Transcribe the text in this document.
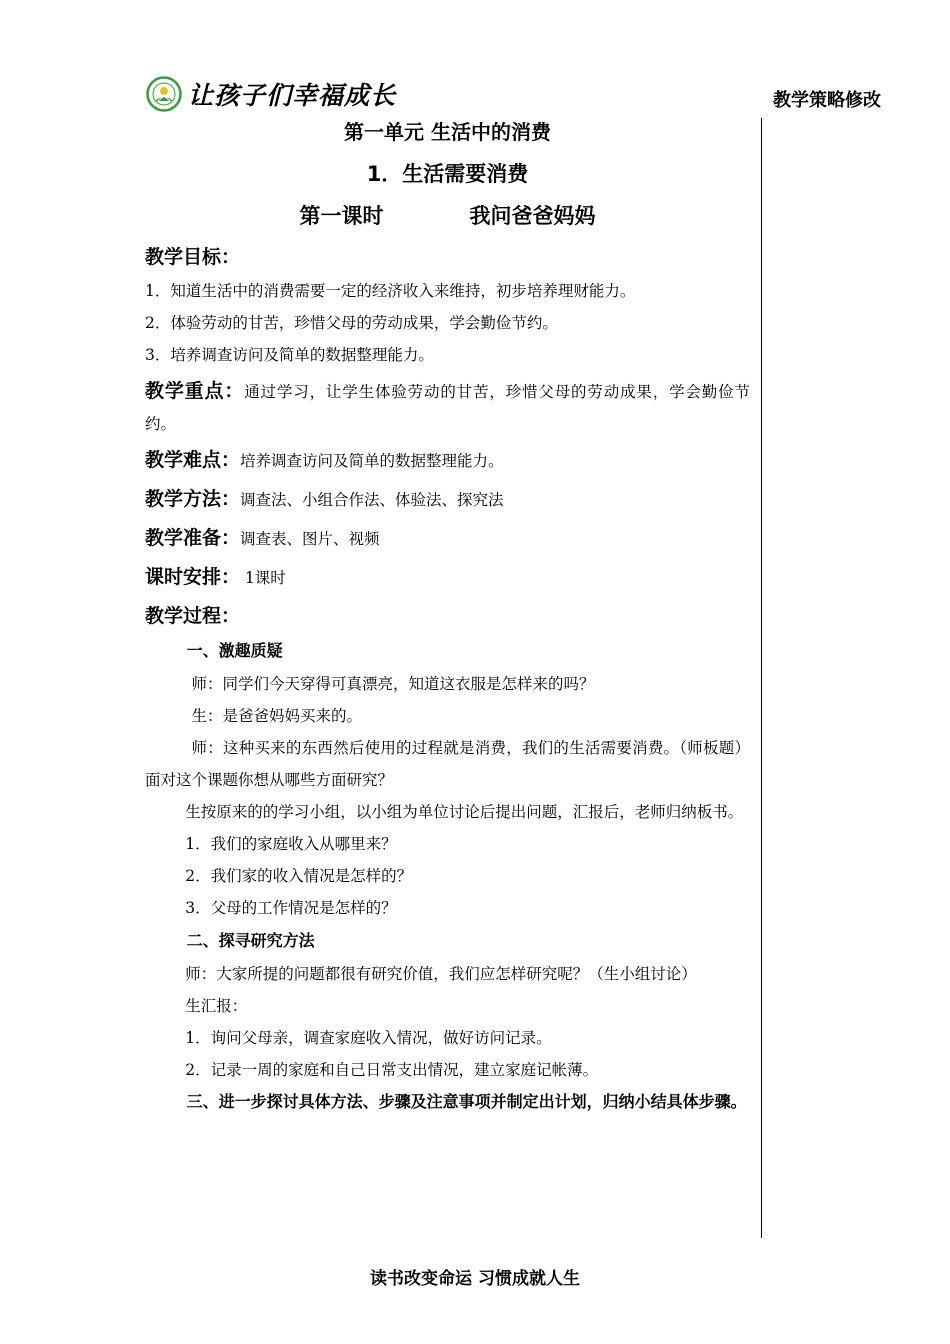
让孩子们幸福成长	教学策略修改

第一单元 生活中的消费

1．生活需要消费

第一课时	我问爸爸妈妈

教学目标：

1．知道生活中的消费需要一定的经济收入来维持，初步培养理财能力。

2．体验劳动的甘苦，珍惜父母的劳动成果，学会勤俭节约。

3．培养调查访问及简单的数据整理能力。

教学重点：通过学习，让学生体验劳动的甘苦，珍惜父母的劳动成果，学会勤俭节约。

教学难点：培养调查访问及简单的数据整理能力。

教学方法：调查法、小组合作法、体验法、探究法

教学准备：调查表、图片、视频

课时安排： 1课时

教学过程：

一、激趣质疑

师：同学们今天穿得可真漂亮，知道这衣服是怎样来的吗？

生：是爸爸妈妈买来的。

师：这种买来的东西然后使用的过程就是消费，我们的生活需要消费。（师板题）面对这个课题你想从哪些方面研究？

生按原来的的学习小组，以小组为单位讨论后提出问题，汇报后，老师归纳板书。

1．我们的家庭收入从哪里来？

2．我们家的收入情况是怎样的？

3．父母的工作情况是怎样的？

二、探寻研究方法

师：大家所提的问题都很有研究价值，我们应怎样研究呢？（生小组讨论）

生汇报：

1．询问父母亲，调查家庭收入情况，做好访问记录。

2．记录一周的家庭和自己日常支出情况，建立家庭记帐薄。

三、进一步探讨具体方法、步骤及注意事项并制定出计划，归纳小结具体步骤。

读书改变命运 习惯成就人生
